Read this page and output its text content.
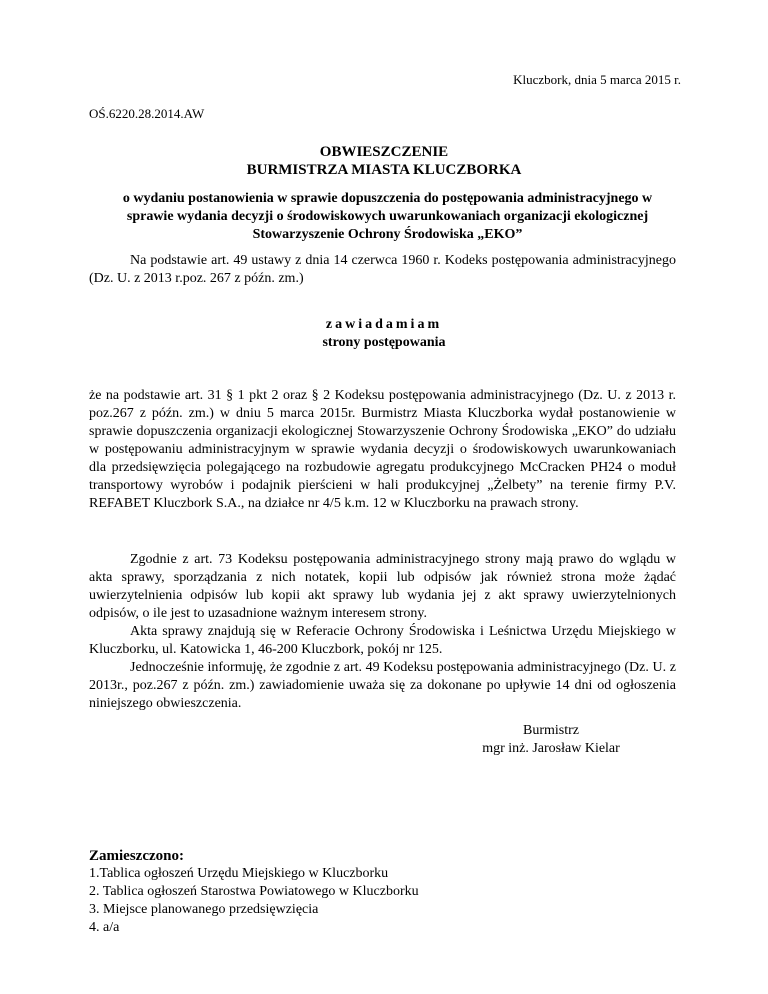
Kluczbork, dnia 5 marca 2015 r.
OŚ.6220.28.2014.AW
OBWIESZCZENIE
BURMISTRZA MIASTA KLUCZBORKA
o wydaniu postanowienia w sprawie dopuszczenia do postępowania administracyjnego w sprawie wydania decyzji o środowiskowych uwarunkowaniach organizacji ekologicznej Stowarzyszenie Ochrony Środowiska „EKO”

Na podstawie art. 49 ustawy z dnia 14 czerwca 1960 r. Kodeks postępowania administracyjnego (Dz. U. z 2013 r.poz. 267 z późn. zm.)

zawiadamiam
strony postępowania

że na podstawie art. 31 § 1 pkt 2 oraz § 2 Kodeksu postępowania administracyjnego (Dz. U. z 2013 r. poz.267 z późn. zm.) w dniu 5 marca 2015r. Burmistrz Miasta Kluczborka wydał postanowienie w sprawie dopuszczenia organizacji ekologicznej Stowarzyszenie Ochrony Środowiska „EKO” do udziału w postępowaniu administracyjnym w sprawie wydania decyzji o środowiskowych uwarunkowaniach dla przedsięwzięcia polegającego na rozbudowie agregatu produkcyjnego McCracken PH24 o moduł transportowy wyrobów i podajnik pierścieni w hali produkcyjnej „Żelbety” na terenie firmy P.V. REFABET Kluczbork S.A., na działce nr 4/5 k.m. 12 w Kluczborku na prawach strony.

Zgodnie z art. 73 Kodeksu postępowania administracyjnego strony mają prawo do wglądu w akta sprawy, sporządzania z nich notatek, kopii lub odpisów jak również strona może żądać uwierzytelnienia odpisów lub kopii akt sprawy lub wydania jej z akt sprawy uwierzytelnionych odpisów, o ile jest to uzasadnione ważnym interesem strony.

Akta sprawy znajdują się w Referacie Ochrony Środowiska i Leśnictwa Urzędu Miejskiego w Kluczborku, ul. Katowicka 1, 46-200 Kluczbork, pokój nr 125.

Jednocześnie informuję, że zgodnie z art. 49 Kodeksu postępowania administracyjnego (Dz. U. z 2013r., poz.267 z późn. zm.) zawiadomienie uważa się za dokonane po upływie 14 dni od ogłoszenia niniejszego obwieszczenia.

Burmistrz
mgr inż. Jarosław Kielar
Zamieszczono:
1.Tablica ogłoszeń Urzędu Miejskiego w Kluczborku
2. Tablica ogłoszeń Starostwa Powiatowego w Kluczborku
3. Miejsce planowanego przedsięwzięcia
4. a/a
